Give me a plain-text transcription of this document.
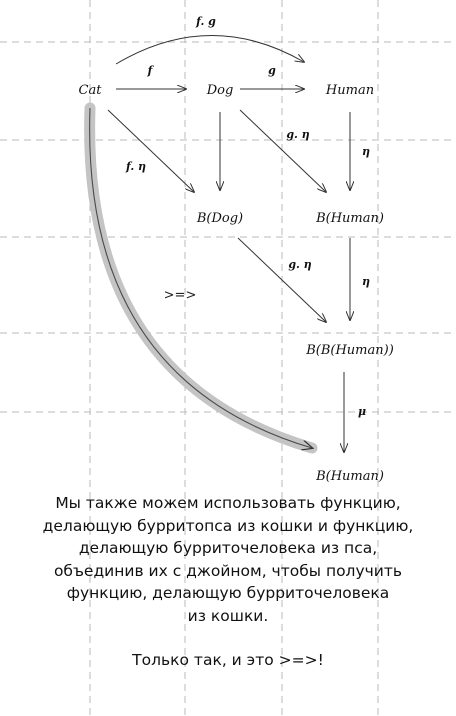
Cat	Dog	Human
B(Dog)	B(Human)
B(B(Human))
B(Human)
f. g
f	g
f. η
g. η
η
g. η
η
μ
>=>
Мы также можем использовать функцию,
делающую бурритопса из кошки и функцию,
делающую бурриточеловека из пса,
объединив их с джойном, чтобы получить
функцию, делающую бурриточеловека
из кошки.
Только так, и это >=>!
